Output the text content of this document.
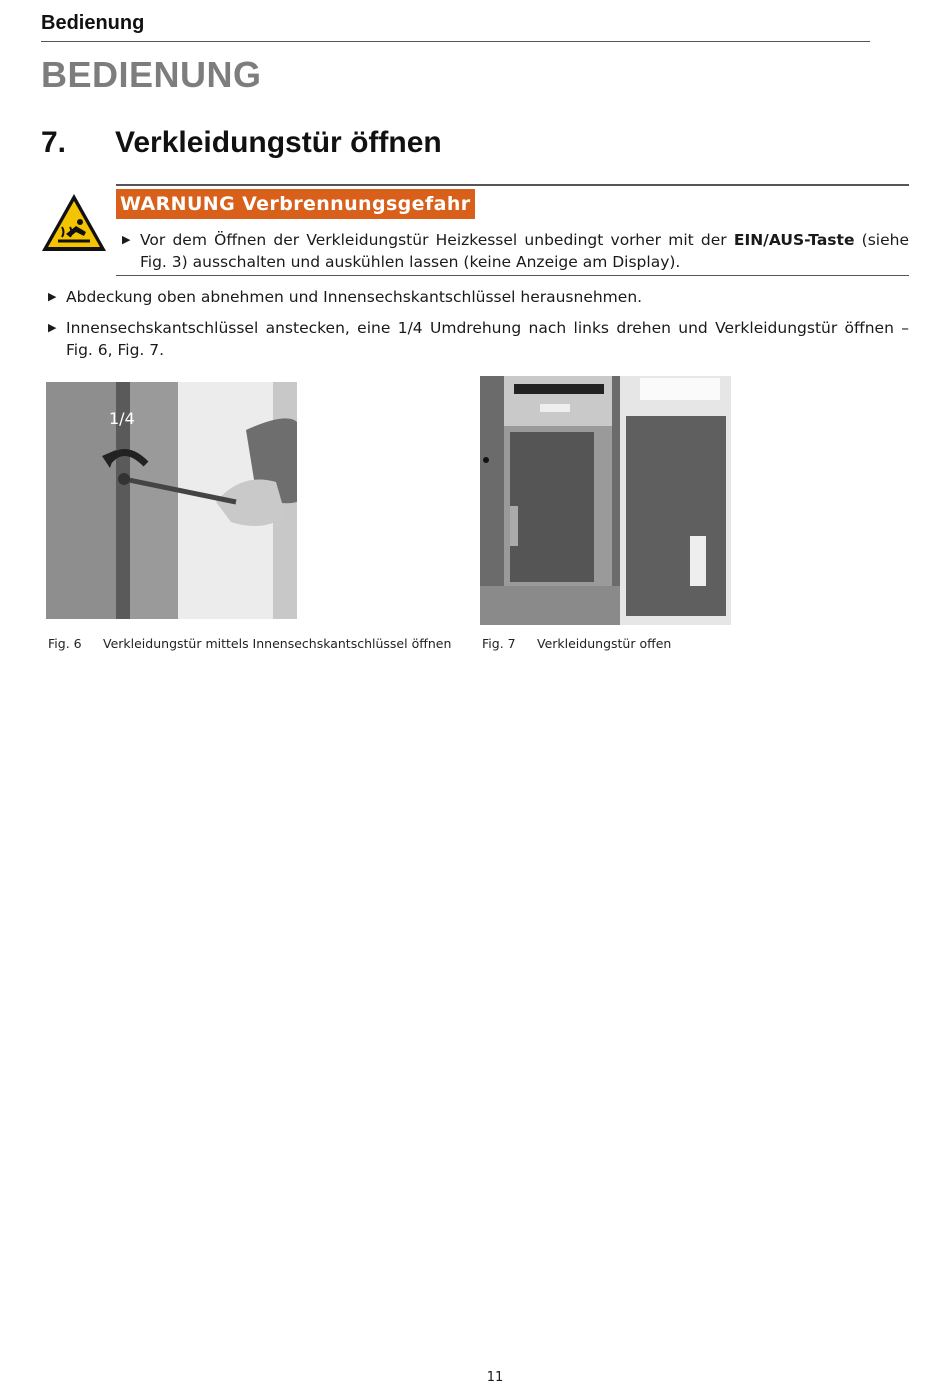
Bedienung
BEDIENUNG
7. Verkleidungstür öffnen
WARNUNG Verbrennungsgefahr
▶ Vor dem Öffnen der Verkleidungstür Heizkessel unbedingt vorher mit der EIN/AUS-Taste (siehe Fig. 3) ausschalten und auskühlen lassen (keine Anzeige am Display).
▶ Abdeckung oben abnehmen und Innensechskantschlüssel herausnehmen.
▶ Innensechskantschlüssel anstecken, eine 1/4 Umdrehung nach links drehen und Verkleidungstür öffnen – Fig. 6, Fig. 7.
1/4
Fig. 6 Verkleidungstür mittels Innensechskantschlüssel öffnen Fig. 7 Verkleidungstür offen
11
